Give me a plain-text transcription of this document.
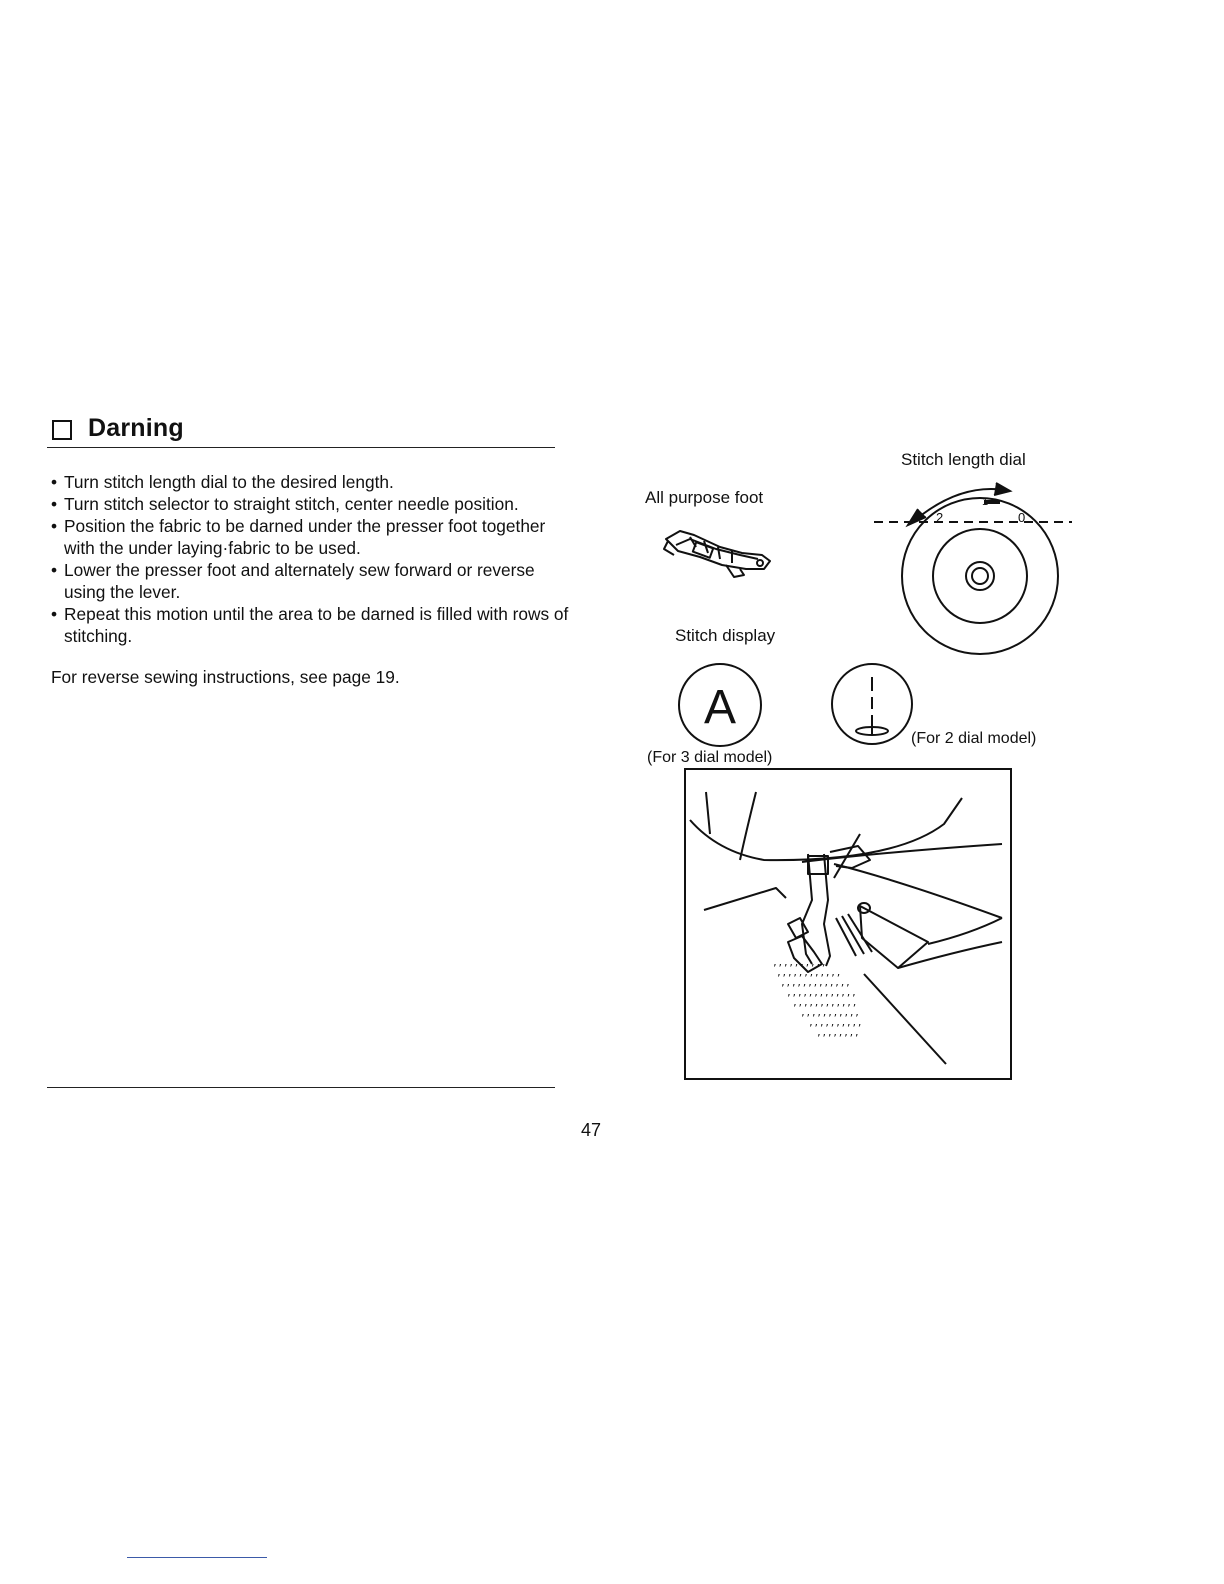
Darning
• Turn stitch length dial to the desired length.
• Turn stitch selector to straight stitch, center needle position.
• Position the fabric to be darned under the presser foot together with the under laying·fabric to be used.
• Lower the presser foot and alternately sew forward or reverse using the lever.
• Repeat this motion until the area to be darned is filled with rows of stitching.
For reverse sewing instructions, see page 19.
Stitch length dial
All purpose foot
Stitch display
(For 2 dial model)
(For 3 dial model)
2
1
0
A
’’’’’’’’’’
’’’’’’’’’’’’
’’’’’’’’’’’’’
’’’’’’’’’’’’’
’’’’’’’’’’’’
’’’’’’’’’’’
’’’’’’’’’’
’’’’’’’’
47
